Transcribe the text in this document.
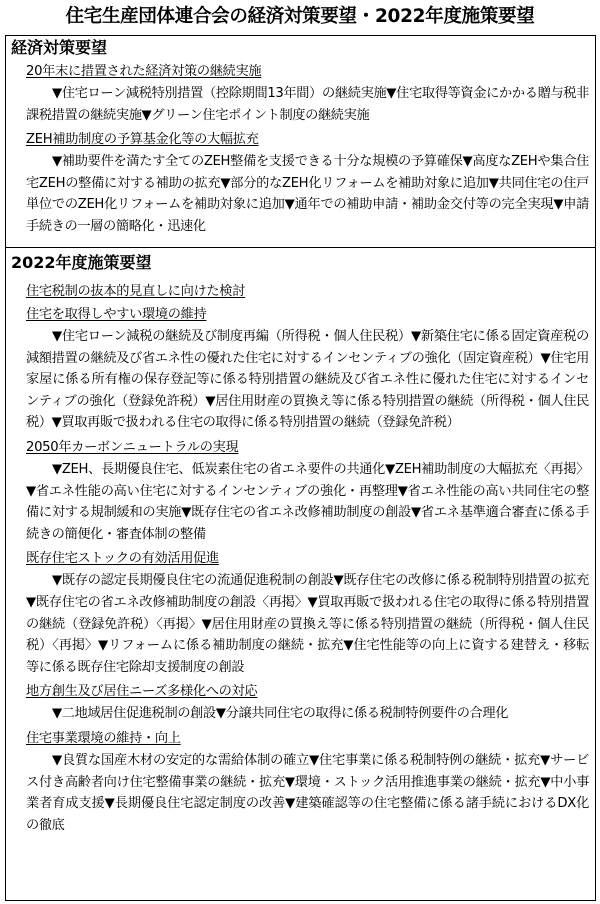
住宅生産団体連合会の経済対策要望・2022年度施策要望
経済対策要望
20年末に措置された経済対策の継続実施
▼住宅ローン減税特別措置（控除期間13年間）の継続実施▼住宅取得等資金にかかる贈与税非課税措置の継続実施▼グリーン住宅ポイント制度の継続実施
ZEH補助制度の予算基金化等の大幅拡充
▼補助要件を満たす全てのZEH整備を支援できる十分な規模の予算確保▼高度なZEHや集合住宅ZEHの整備に対する補助の拡充▼部分的なZEH化リフォームを補助対象に追加▼共同住宅の住戸単位でのZEH化リフォームを補助対象に追加▼通年での補助申請・補助金交付等の完全実現▼申請手続きの一層の簡略化・迅速化
2022年度施策要望
住宅税制の抜本的見直しに向けた検討
住宅を取得しやすい環境の維持
▼住宅ローン減税の継続及び制度再編（所得税・個人住民税）▼新築住宅に係る固定資産税の減額措置の継続及び省エネ性の優れた住宅に対するインセンティブの強化（固定資産税）▼住宅用家屋に係る所有権の保存登記等に係る特別措置の継続及び省エネ性に優れた住宅に対するインセンティブの強化（登録免許税）▼居住用財産の買換え等に係る特別措置の継続（所得税・個人住民税）▼買取再販で扱われる住宅の取得に係る特別措置の継続（登録免許税）
2050年カーボンニュートラルの実現
▼ZEH、長期優良住宅、低炭素住宅の省エネ要件の共通化▼ZEH補助制度の大幅拡充〈再掲〉▼省エネ性能の高い住宅に対するインセンティブの強化・再整理▼省エネ性能の高い共同住宅の整備に対する規制緩和の実施▼既存住宅の省エネ改修補助制度の創設▼省エネ基準適合審査に係る手続きの簡便化・審査体制の整備
既存住宅ストックの有効活用促進
▼既存の認定長期優良住宅の流通促進税制の創設▼既存住宅の改修に係る税制特別措置の拡充▼既存住宅の省エネ改修補助制度の創設〈再掲〉▼買取再販で扱われる住宅の取得に係る特別措置の継続（登録免許税）〈再掲〉▼居住用財産の買換え等に係る特別措置の継続（所得税・個人住民税）〈再掲〉▼リフォームに係る補助制度の継続・拡充▼住宅性能等の向上に資する建替え・移転等に係る既存住宅除却支援制度の創設
地方創生及び居住ニーズ多様化への対応
▼二地域居住促進税制の創設▼分譲共同住宅の取得に係る税制特例要件の合理化
住宅事業環境の維持・向上
▼良質な国産木材の安定的な需給体制の確立▼住宅事業に係る税制特例の継続・拡充▼サービス付き高齢者向け住宅整備事業の継続・拡充▼環境・ストック活用推進事業の継続・拡充▼中小事業者育成支援▼長期優良住宅認定制度の改善▼建築確認等の住宅整備に係る諸手続におけるDX化の徹底
